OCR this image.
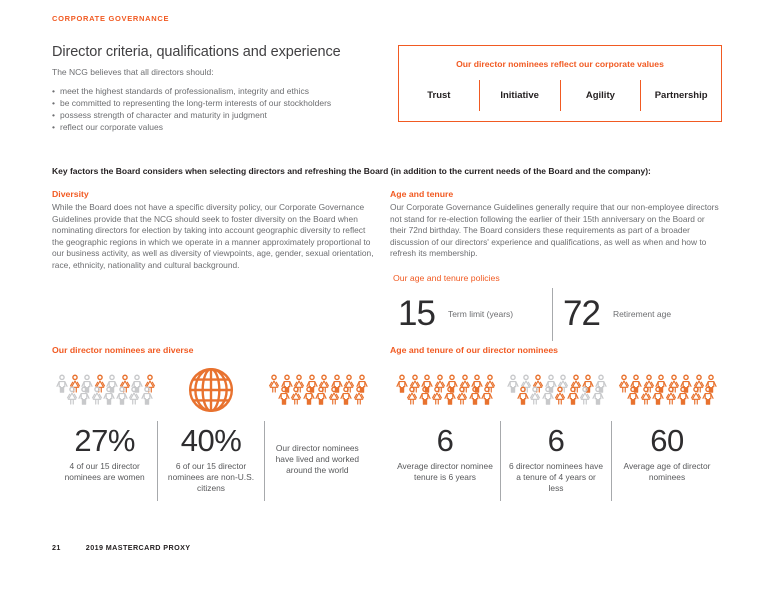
CORPORATE GOVERNANCE
Director criteria, qualifications and experience

The NCG believes that all directors should:

• meet the highest standards of professionalism, integrity and ethics
• be committed to representing the long-term interests of our stockholders
• possess strength of character and maturity in judgment
• reflect our corporate values
Our director nominees reflect our corporate values
Trust	Initiative	Agility	Partnership
Key factors the Board considers when selecting directors and refreshing the Board (in addition to the current needs of the Board and the company):
Diversity

While the Board does not have a specific diversity policy, our Corporate Governance Guidelines provide that the NCG should seek to foster diversity on the Board when nominating directors for election by taking into account geographic diversity to reflect the geographic regions in which we operate in a manner approximately proportional to our business activity, as well as diversity of viewpoints, age, gender, sexual orientation, race, ethnicity, nationality and cultural background.

Age and tenure

Our Corporate Governance Guidelines generally require that our non-employee directors not stand for re-election following the earlier of their 15th anniversary on the Board or their 72nd birthday. The Board considers these requirements as part of a broader discussion of our directors' experience and qualifications, as well as when and how to refresh its membership.

Our age and tenure policies
15 Term limit (years) 72 Retirement age
Our director nominees are diverse
27%
4 of our 15 director nominees are women
40%
6 of our 15 director nominees are non-U.S. citizens
Our director nominees have lived and worked around the world
Age and tenure of our director nominees
6
Average director nominee tenure is 6 years
6
6 director nominees have a tenure of 4 years or less
60
Average age of director nominees
21	2019 MASTERCARD PROXY
